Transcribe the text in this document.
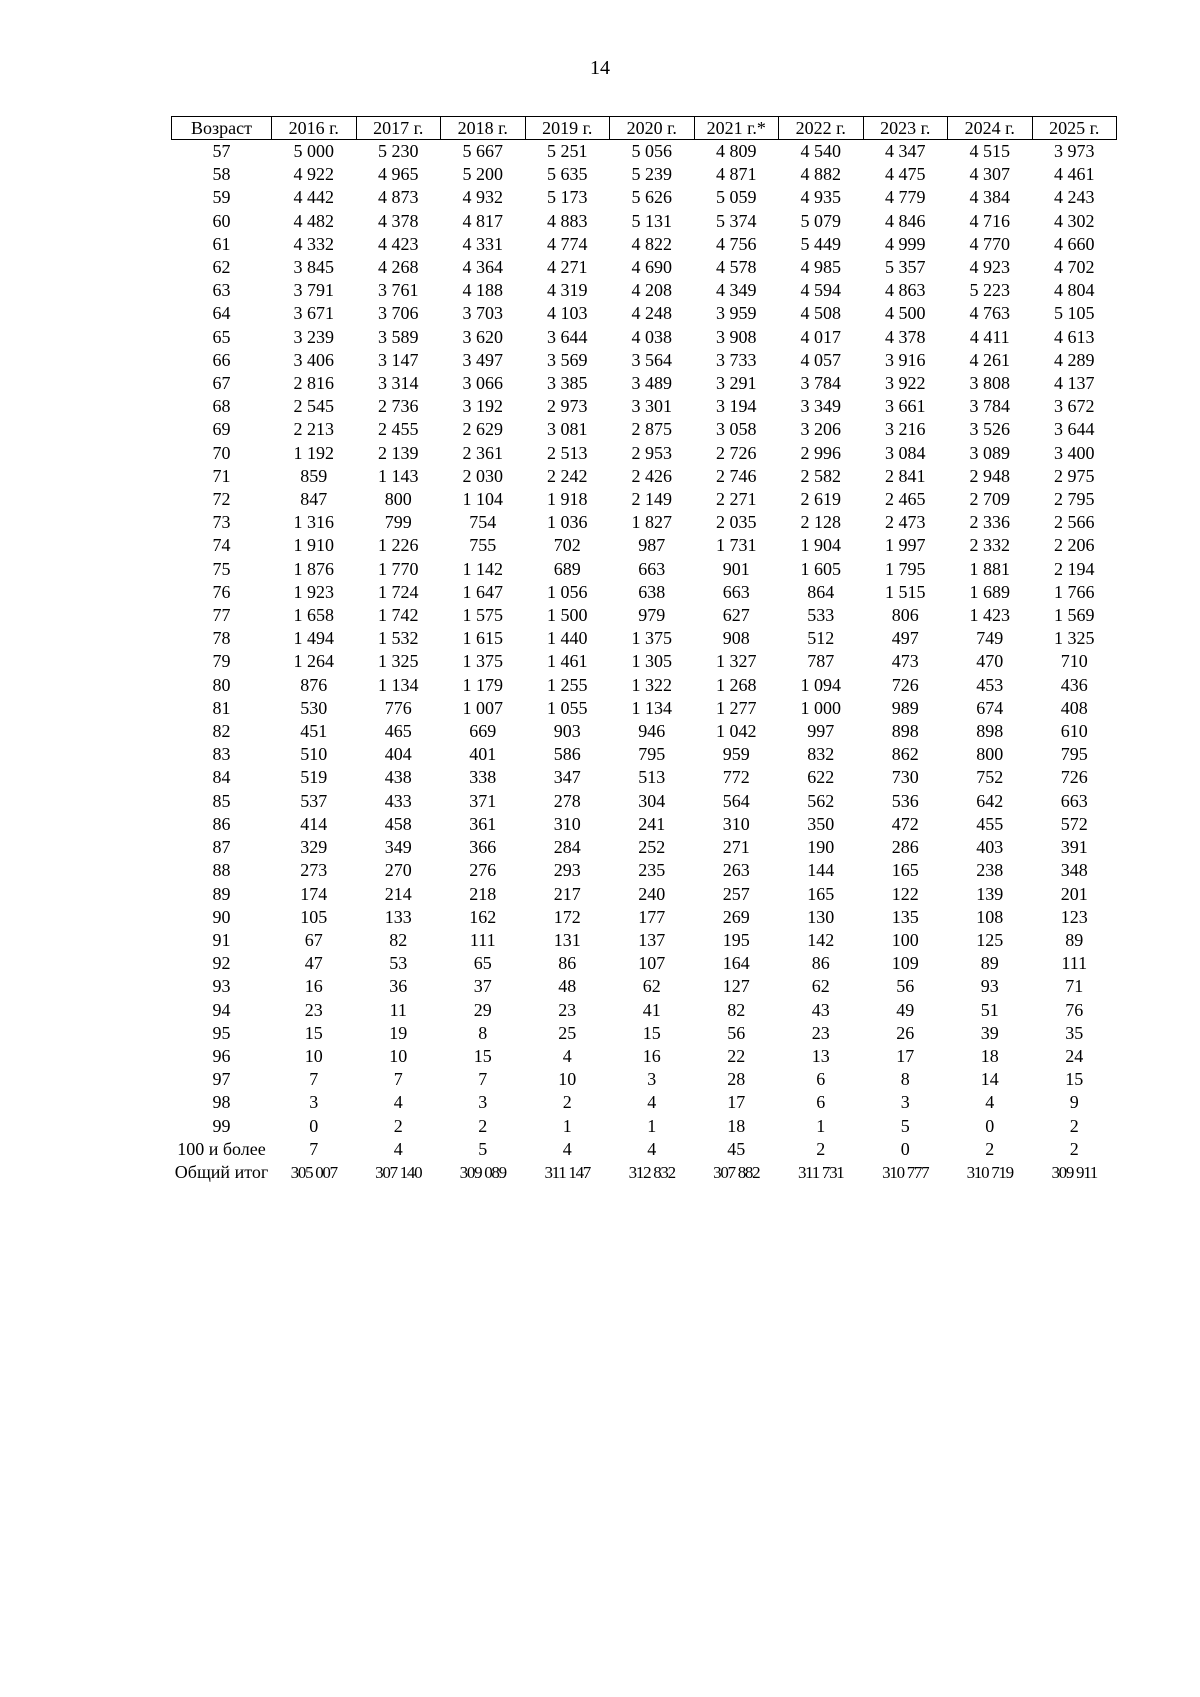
14
Возраст	2016 г.	2017 г.	2018 г.	2019 г.	2020 г.	2021 г.*	2022 г.	2023 г.	2024 г.	2025 г.
57	5 000	5 230	5 667	5 251	5 056	4 809	4 540	4 347	4 515	3 973
58	4 922	4 965	5 200	5 635	5 239	4 871	4 882	4 475	4 307	4 461
59	4 442	4 873	4 932	5 173	5 626	5 059	4 935	4 779	4 384	4 243
60	4 482	4 378	4 817	4 883	5 131	5 374	5 079	4 846	4 716	4 302
61	4 332	4 423	4 331	4 774	4 822	4 756	5 449	4 999	4 770	4 660
62	3 845	4 268	4 364	4 271	4 690	4 578	4 985	5 357	4 923	4 702
63	3 791	3 761	4 188	4 319	4 208	4 349	4 594	4 863	5 223	4 804
64	3 671	3 706	3 703	4 103	4 248	3 959	4 508	4 500	4 763	5 105
65	3 239	3 589	3 620	3 644	4 038	3 908	4 017	4 378	4 411	4 613
66	3 406	3 147	3 497	3 569	3 564	3 733	4 057	3 916	4 261	4 289
67	2 816	3 314	3 066	3 385	3 489	3 291	3 784	3 922	3 808	4 137
68	2 545	2 736	3 192	2 973	3 301	3 194	3 349	3 661	3 784	3 672
69	2 213	2 455	2 629	3 081	2 875	3 058	3 206	3 216	3 526	3 644
70	1 192	2 139	2 361	2 513	2 953	2 726	2 996	3 084	3 089	3 400
71	859	1 143	2 030	2 242	2 426	2 746	2 582	2 841	2 948	2 975
72	847	800	1 104	1 918	2 149	2 271	2 619	2 465	2 709	2 795
73	1 316	799	754	1 036	1 827	2 035	2 128	2 473	2 336	2 566
74	1 910	1 226	755	702	987	1 731	1 904	1 997	2 332	2 206
75	1 876	1 770	1 142	689	663	901	1 605	1 795	1 881	2 194
76	1 923	1 724	1 647	1 056	638	663	864	1 515	1 689	1 766
77	1 658	1 742	1 575	1 500	979	627	533	806	1 423	1 569
78	1 494	1 532	1 615	1 440	1 375	908	512	497	749	1 325
79	1 264	1 325	1 375	1 461	1 305	1 327	787	473	470	710
80	876	1 134	1 179	1 255	1 322	1 268	1 094	726	453	436
81	530	776	1 007	1 055	1 134	1 277	1 000	989	674	408
82	451	465	669	903	946	1 042	997	898	898	610
83	510	404	401	586	795	959	832	862	800	795
84	519	438	338	347	513	772	622	730	752	726
85	537	433	371	278	304	564	562	536	642	663
86	414	458	361	310	241	310	350	472	455	572
87	329	349	366	284	252	271	190	286	403	391
88	273	270	276	293	235	263	144	165	238	348
89	174	214	218	217	240	257	165	122	139	201
90	105	133	162	172	177	269	130	135	108	123
91	67	82	111	131	137	195	142	100	125	89
92	47	53	65	86	107	164	86	109	89	111
93	16	36	37	48	62	127	62	56	93	71
94	23	11	29	23	41	82	43	49	51	76
95	15	19	8	25	15	56	23	26	39	35
96	10	10	15	4	16	22	13	17	18	24
97	7	7	7	10	3	28	6	8	14	15
98	3	4	3	2	4	17	6	3	4	9
99	0	2	2	1	1	18	1	5	0	2
100 и более	7	4	5	4	4	45	2	0	2	2
Общий итог	305 007	307 140	309 089	311 147	312 832	307 882	311 731	310 777	310 719	309 911
